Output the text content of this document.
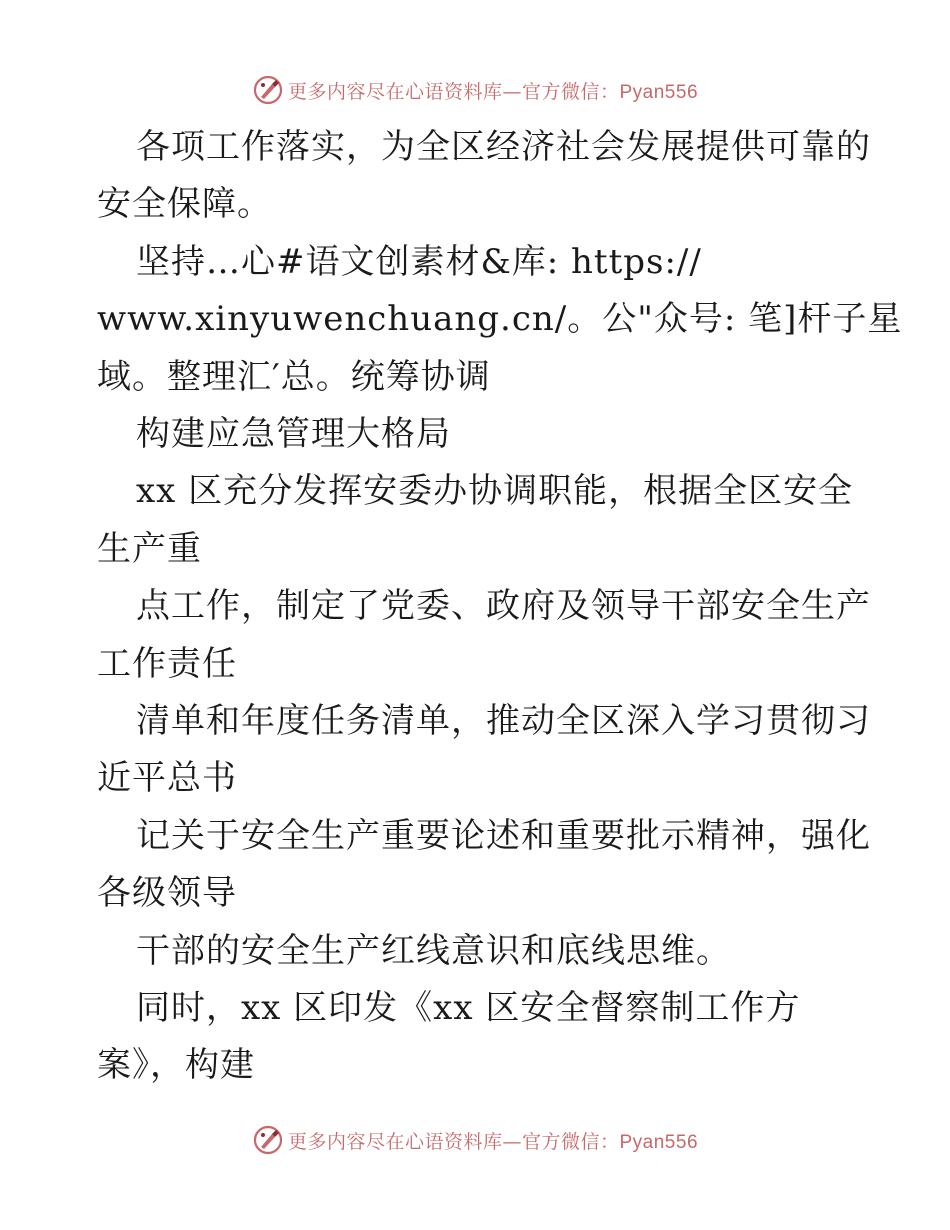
更多内容尽在心语资料库—官方微信：Pyan556
各项工作落实，为全区经济社会发展提供可靠的
安全保障。
坚持…心#语文创素材&库: https://
www.xinyuwenchuang.cn/。公"众号: 笔]杆子星
域。整理汇′总。统筹协调
构建应急管理大格局
xx 区充分发挥安委办协调职能，根据全区安全
生产重
点工作，制定了党委、政府及领导干部安全生产
工作责任
清单和年度任务清单，推动全区深入学习贯彻习
近平总书
记关于安全生产重要论述和重要批示精神，强化
各级领导
干部的安全生产红线意识和底线思维。
同时，xx 区印发《xx 区安全督察制工作方
案》，构建
更多内容尽在心语资料库—官方微信：Pyan556
